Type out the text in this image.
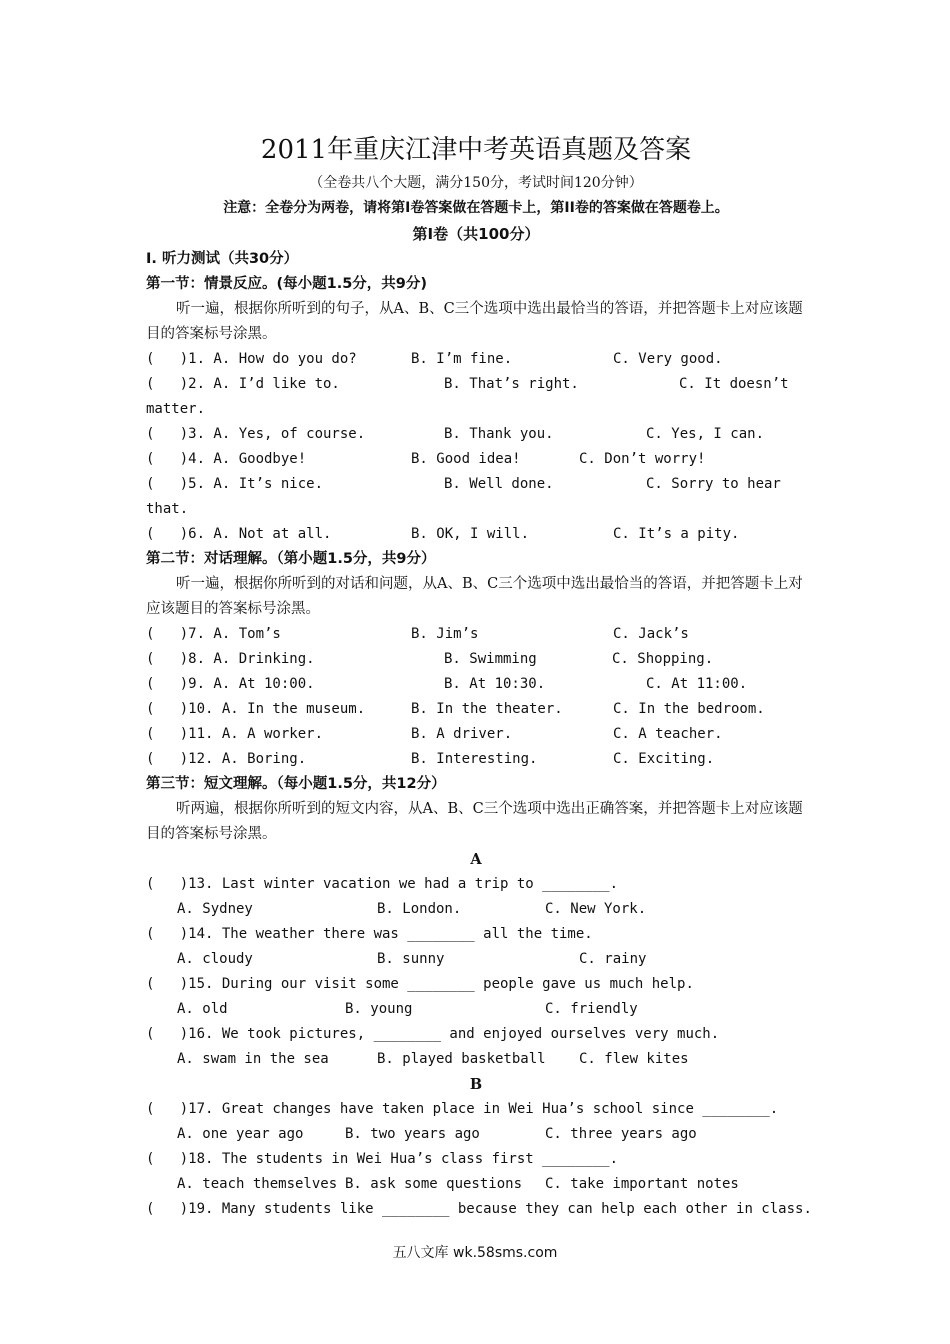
2011年重庆江津中考英语真题及答案
（全卷共八个大题，满分150分，考试时间120分钟）
注意：全卷分为两卷，请将第I卷答案做在答题卡上，第II卷的答案做在答题卷上。
第I卷（共100分）
I. 听力测试（共30分）
第一节：情景反应。(每小题1.5分，共9分)
听一遍，根据你所听到的句子，从A、B、C三个选项中选出最恰当的答语，并把答题卡上对应该题目的答案标号涂黑。
(   )1. A. How do you do?	B. I’m fine.	C. Very good.
(   )2. A. I’d like to.	B. That’s right.	C. It doesn’t matter.
(   )3. A. Yes, of course.	B. Thank you.	C. Yes, I can.
(   )4. A. Goodbye!	B. Good idea!	C. Don’t worry!
(   )5. A. It’s nice.	B. Well done.	C. Sorry to hear that.
(   )6. A. Not at all.	B. OK, I will.	C. It’s a pity.
第二节：对话理解。（第小题1.5分，共9分）
听一遍，根据你所听到的对话和问题，从A、B、C三个选项中选出最恰当的答语，并把答题卡上对应该题目的答案标号涂黑。
(   )7. A. Tom’s	B. Jim’s	C. Jack’s
(   )8. A. Drinking.	B. Swimming	C. Shopping.
(   )9. A. At 10:00.	B. At 10:30.	C. At 11:00.
(   )10. A. In the museum.	B. In the theater.	C. In the bedroom.
(   )11. A. A worker.	B. A driver.	C. A teacher.
(   )12. A. Boring.	B. Interesting.	C. Exciting.
第三节：短文理解。（每小题1.5分，共12分）
听两遍，根据你所听到的短文内容，从A、B、C三个选项中选出正确答案，并把答题卡上对应该题目的答案标号涂黑。
A
(   )13. Last winter vacation we had a trip to ________.
A. Sydney	B. London.	C. New York.
(   )14. The weather there was ________ all the time.
A. cloudy	B. sunny	C. rainy
(   )15. During our visit some ________ people gave us much help.
A. old	B. young	C. friendly
(   )16. We took pictures, ________ and enjoyed ourselves very much.
A. swam in the sea	B. played basketball	C. flew kites
B
(   )17. Great changes have taken place in Wei Hua’s school since ________.
A. one year ago	B. two years ago	C. three years ago
(   )18. The students in Wei Hua’s class first ________.
A. teach themselves B. ask some questions	C. take important notes
(   )19. Many students like ________ because they can help each other in class.
五八文库 wk.58sms.com
